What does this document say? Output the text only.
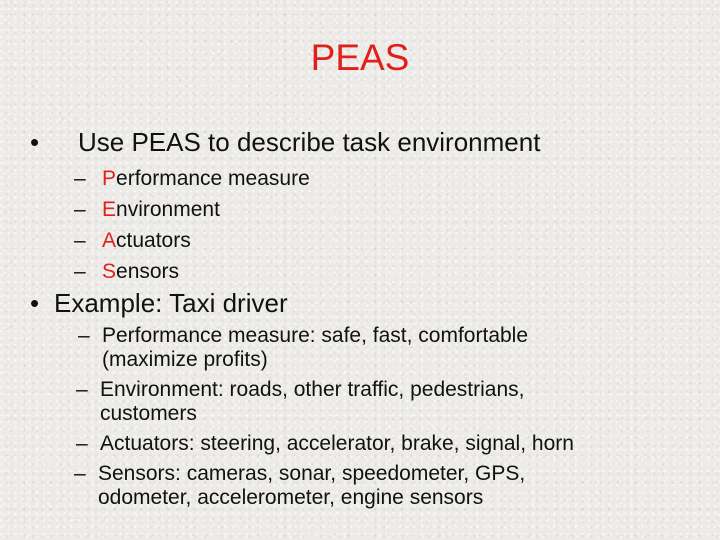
PEAS
• Use PEAS to describe task environment
– Performance measure
– Environment
– Actuators
– Sensors
• Example: Taxi driver
– Performance measure: safe, fast, comfortable
(maximize profits)
– Environment: roads, other traffic, pedestrians,
customers
– Actuators: steering, accelerator, brake, signal, horn
– Sensors: cameras, sonar, speedometer, GPS,
odometer, accelerometer, engine sensors
